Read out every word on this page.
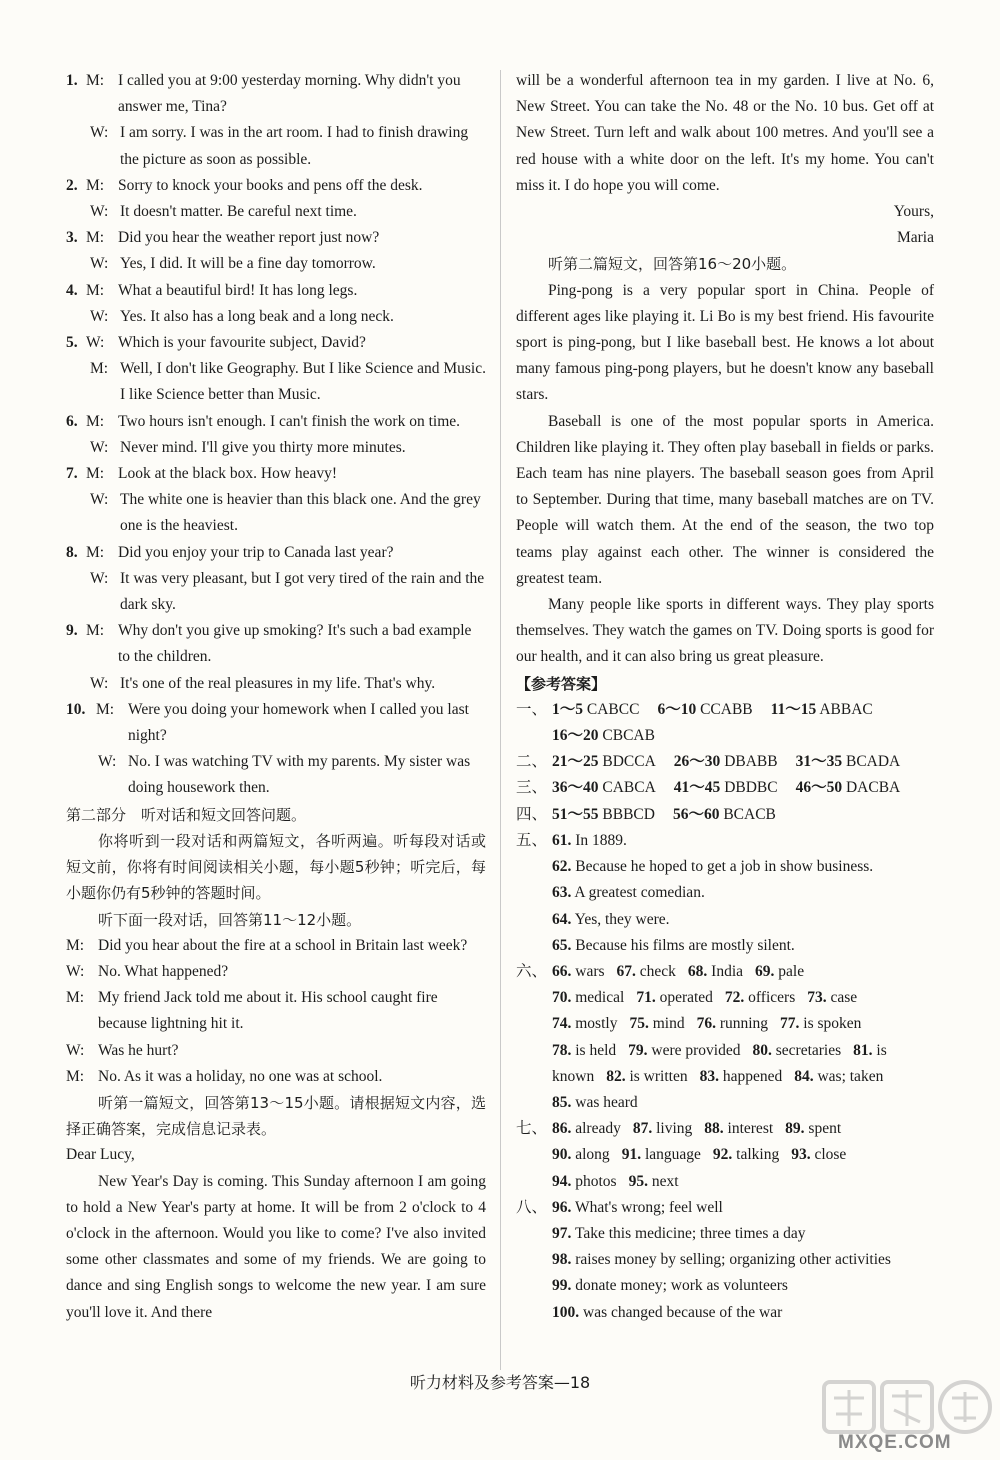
1. M: I called you at 9:00 yesterday morning. Why didn't you answer me, Tina?
W: I am sorry. I was in the art room. I had to finish drawing the picture as soon as possible.
2. M: Sorry to knock your books and pens off the desk.
W: It doesn't matter. Be careful next time.
3. M: Did you hear the weather report just now?
W: Yes, I did. It will be a fine day tomorrow.
4. M: What a beautiful bird! It has long legs.
W: Yes. It also has a long beak and a long neck.
5. W: Which is your favourite subject, David?
M: Well, I don't like Geography. But I like Science and Music. I like Science better than Music.
6. M: Two hours isn't enough. I can't finish the work on time.
W: Never mind. I'll give you thirty more minutes.
7. M: Look at the black box. How heavy!
W: The white one is heavier than this black one. And the grey one is the heaviest.
8. M: Did you enjoy your trip to Canada last year?
W: It was very pleasant, but I got very tired of the rain and the dark sky.
9. M: Why don't you give up smoking? It's such a bad example to the children.
W: It's one of the real pleasures in my life. That's why.
10. M: Were you doing your homework when I called you last night?
W: No. I was watching TV with my parents. My sister was doing housework then.
第二部分　听对话和短文回答问题。
你将听到一段对话和两篇短文，各听两遍。听每段对话或短文前，你将有时间阅读相关小题，每小题5秒钟；听完后，每小题你仍有5秒钟的答题时间。
听下面一段对话，回答第11～12小题。
M: Did you hear about the fire at a school in Britain last week?
W: No. What happened?
M: My friend Jack told me about it. His school caught fire because lightning hit it.
W: Was he hurt?
M: No. As it was a holiday, no one was at school.
听第一篇短文，回答第13～15小题。请根据短文内容，选择正确答案，完成信息记录表。
Dear Lucy,
New Year's Day is coming. This Sunday afternoon I am going to hold a New Year's party at home. It will be from 2 o'clock to 4 o'clock in the afternoon. Would you like to come? I've also invited some other classmates and some of my friends. We are going to dance and sing English songs to welcome the new year. I am sure you'll love it. And there
will be a wonderful afternoon tea in my garden. I live at No. 6, New Street. You can take the No. 48 or the No. 10 bus. Get off at New Street. Turn left and walk about 100 metres. And you'll see a red house with a white door on the left. It's my home. You can't miss it. I do hope you will come.
Yours,
Maria
听第二篇短文，回答第16～20小题。
Ping-pong is a very popular sport in China. People of different ages like playing it. Li Bo is my best friend. His favourite sport is ping-pong, but I like baseball best. He knows a lot about many famous ping-pong players, but he doesn't know any baseball stars.
Baseball is one of the most popular sports in America. Children like playing it. They often play baseball in fields or parks. Each team has nine players. The baseball season goes from April to September. During that time, many baseball matches are on TV. People will watch them. At the end of the season, the two top teams play against each other. The winner is considered the greatest team.
Many people like sports in different ways. They play sports themselves. They watch the games on TV. Doing sports is good for our health, and it can also bring us great pleasure.
【参考答案】
一、 1～5 CABCC 6～10 CCABB 11～15 ABBAC
16～20 CBCAB
二、 21～25 BDCCA 26～30 DBABB 31～35 BCADA
三、 36～40 CABCA 41～45 DBDBC 46～50 DACBA
四、 51～55 BBBCD 56～60 BCACB
五、 61. In 1889.
62. Because he hoped to get a job in show business.
63. A greatest comedian.
64. Yes, they were.
65. Because his films are mostly silent.
六、 66. wars 67. check 68. India 69. pale
70. medical 71. operated 72. officers 73. case
74. mostly 75. mind 76. running 77. is spoken
78. is held 79. were provided 80. secretaries 81. is
known 82. is written 83. happened 84. was; taken
85. was heard
七、 86. already 87. living 88. interest 89. spent
90. along 91. language 92. talking 93. close
94. photos 95. next
八、 96. What's wrong; feel well
97. Take this medicine; three times a day
98. raises money by selling; organizing other activities
99. donate money; work as volunteers
100. was changed because of the war
听力材料及参考答案—18
MXQE.COM
